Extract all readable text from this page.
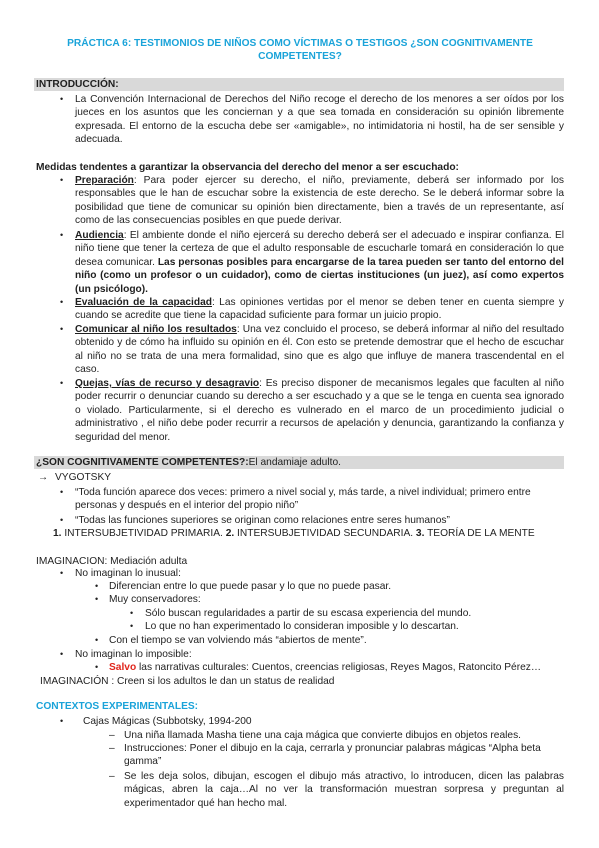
PRÁCTICA 6: TESTIMONIOS DE NIÑOS COMO VÍCTIMAS O TESTIGOS ¿SON COGNITIVAMENTE
COMPETENTES?
INTRODUCCIÓN:
• La Convención Internacional de Derechos del Niño recoge el derecho de los menores a ser oídos por los jueces en los asuntos que les conciernan y a que sea tomada en consideración su opinión libremente expresada. El entorno de la escucha debe ser «amigable», no intimidatoria ni hostil, ha de ser sensible y adecuada.
Medidas tendentes a garantizar la observancia del derecho del menor a ser escuchado:
• Preparación: Para poder ejercer su derecho, el niño, previamente, deberá ser informado por los responsables que le han de escuchar sobre la existencia de este derecho. Se le deberá informar sobre la posibilidad que tiene de comunicar su opinión bien directamente, bien a través de un representante, así como de las consecuencias posibles en que puede derivar.
• Audiencia: El ambiente donde el niño ejercerá su derecho deberá ser el adecuado e inspirar confianza. El niño tiene que tener la certeza de que el adulto responsable de escucharle tomará en consideración lo que desea comunicar. Las personas posibles para encargarse de la tarea pueden ser tanto del entorno del niño (como un profesor o un cuidador), como de ciertas instituciones (un juez), así como expertos (un psicólogo).
• Evaluación de la capacidad: Las opiniones vertidas por el menor se deben tener en cuenta siempre y cuando se acredite que tiene la capacidad suficiente para formar un juicio propio.
• Comunicar al niño los resultados: Una vez concluido el proceso, se deberá informar al niño del resultado obtenido y de cómo ha influido su opinión en él. Con esto se pretende demostrar que el hecho de escuchar al niño no se trata de una mera formalidad, sino que es algo que influye de manera trascendental en el caso.
• Quejas, vías de recurso y desagravio: Es preciso disponer de mecanismos legales que faculten al niño poder recurrir o denunciar cuando su derecho a ser escuchado y a que se le tenga en cuenta sea ignorado o violado. Particularmente, si el derecho es vulnerado en el marco de un procedimiento judicial o administrativo , el niño debe poder recurrir a recursos de apelación y denuncia, garantizando la confianza y seguridad del menor.
¿SON COGNITIVAMENTE COMPETENTES?:El andamiaje adulto.
→ VYGOTSKY
• “Toda función aparece dos veces: primero a nivel social y, más tarde, a nivel individual; primero entre personas y después en el interior del propio niño”
• “Todas las funciones superiores se originan como relaciones entre seres humanos”
1. INTERSUBJETIVIDAD PRIMARIA. 2. INTERSUBJETIVIDAD SECUNDARIA. 3. TEORÍA DE LA MENTE
IMAGINACION: Mediación adulta
• No imaginan lo inusual:
• Diferencian entre lo que puede pasar y lo que no puede pasar.
• Muy conservadores:
• Sólo buscan regularidades a partir de su escasa experiencia del mundo.
• Lo que no han experimentado lo consideran imposible y lo descartan.
• Con el tiempo se van volviendo más “abiertos de mente”.
• No imaginan lo imposible:
• Salvo las narrativas culturales: Cuentos, creencias religiosas, Reyes Magos, Ratoncito Pérez…
IMAGINACIÓN : Creen si los adultos le dan un status de realidad
CONTEXTOS EXPERIMENTALES:
• Cajas Mágicas (Subbotsky, 1994-200
– Una niña llamada Masha tiene una caja mágica que convierte dibujos en objetos reales.
– Instrucciones: Poner el dibujo en la caja, cerrarla y pronunciar palabras mágicas “Alpha beta gamma”
– Se les deja solos, dibujan, escogen el dibujo más atractivo, lo introducen, dicen las palabras mágicas, abren la caja…Al no ver la transformación muestran sorpresa y preguntan al experimentador qué han hecho mal.
